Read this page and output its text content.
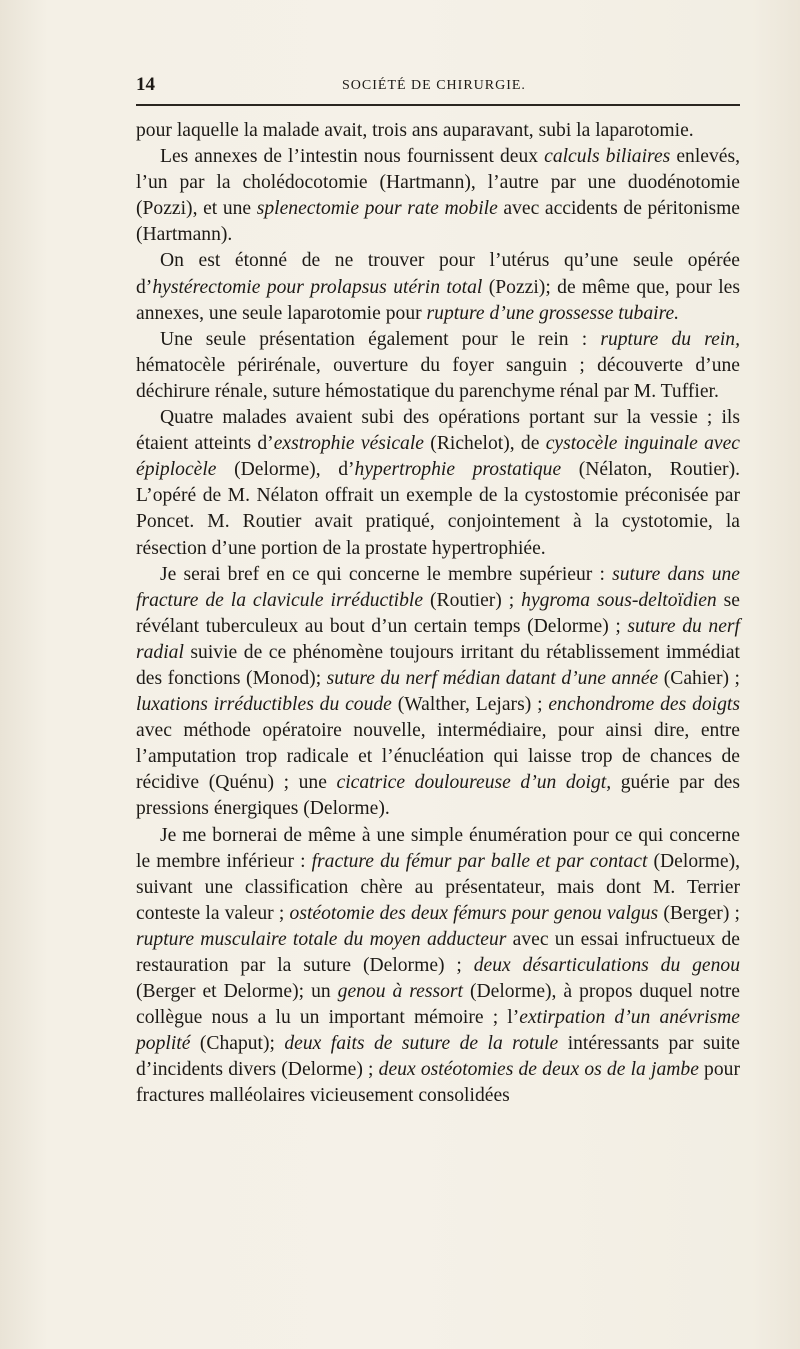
14	SOCIÉTÉ DE CHIRURGIE.

pour laquelle la malade avait, trois ans auparavant, subi la laparotomie.

Les annexes de l’intestin nous fournissent deux calculs biliaires enlevés, l’un par la cholédocotomie (Hartmann), l’autre par une duodénotomie (Pozzi), et une splenectomie pour rate mobile avec accidents de péritonisme (Hartmann).

On est étonné de ne trouver pour l’utérus qu’une seule opérée d’hystérectomie pour prolapsus utérin total (Pozzi); de même que, pour les annexes, une seule laparotomie pour rupture d’une grossesse tubaire.

Une seule présentation également pour le rein : rupture du rein, hématocèle périrénale, ouverture du foyer sanguin ; découverte d’une déchirure rénale, suture hémostatique du parenchyme rénal par M. Tuffier.

Quatre malades avaient subi des opérations portant sur la vessie ; ils étaient atteints d’exstrophie vésicale (Richelot), de cystocèle inguinale avec épiplocèle (Delorme), d’hypertrophie prostatique (Nélaton, Routier). L’opéré de M. Nélaton offrait un exemple de la cystostomie préconisée par Poncet. M. Routier avait pratiqué, conjointement à la cystotomie, la résection d’une portion de la prostate hypertrophiée.

Je serai bref en ce qui concerne le membre supérieur : suture dans une fracture de la clavicule irréductible (Routier) ; hygroma sous-deltoïdien se révélant tuberculeux au bout d’un certain temps (Delorme) ; suture du nerf radial suivie de ce phénomène toujours irritant du rétablissement immédiat des fonctions (Monod); suture du nerf médian datant d’une année (Cahier) ; luxations irréductibles du coude (Walther, Lejars) ; enchondrome des doigts avec méthode opératoire nouvelle, intermédiaire, pour ainsi dire, entre l’amputation trop radicale et l’énucléation qui laisse trop de chances de récidive (Quénu) ; une cicatrice douloureuse d’un doigt, guérie par des pressions énergiques (Delorme).

Je me bornerai de même à une simple énumération pour ce qui concerne le membre inférieur : fracture du fémur par balle et par contact (Delorme), suivant une classification chère au présentateur, mais dont M. Terrier conteste la valeur ; ostéotomie des deux fémurs pour genou valgus (Berger) ; rupture musculaire totale du moyen adducteur avec un essai infructueux de restauration par la suture (Delorme) ; deux désarticulations du genou (Berger et Delorme); un genou à ressort (Delorme), à propos duquel notre collègue nous a lu un important mémoire ; l’extirpation d’un anévrisme poplité (Chaput); deux faits de suture de la rotule intéressants par suite d’incidents divers (Delorme) ; deux ostéotomies de deux os de la jambe pour fractures malléolaires vicieusement consolidées
